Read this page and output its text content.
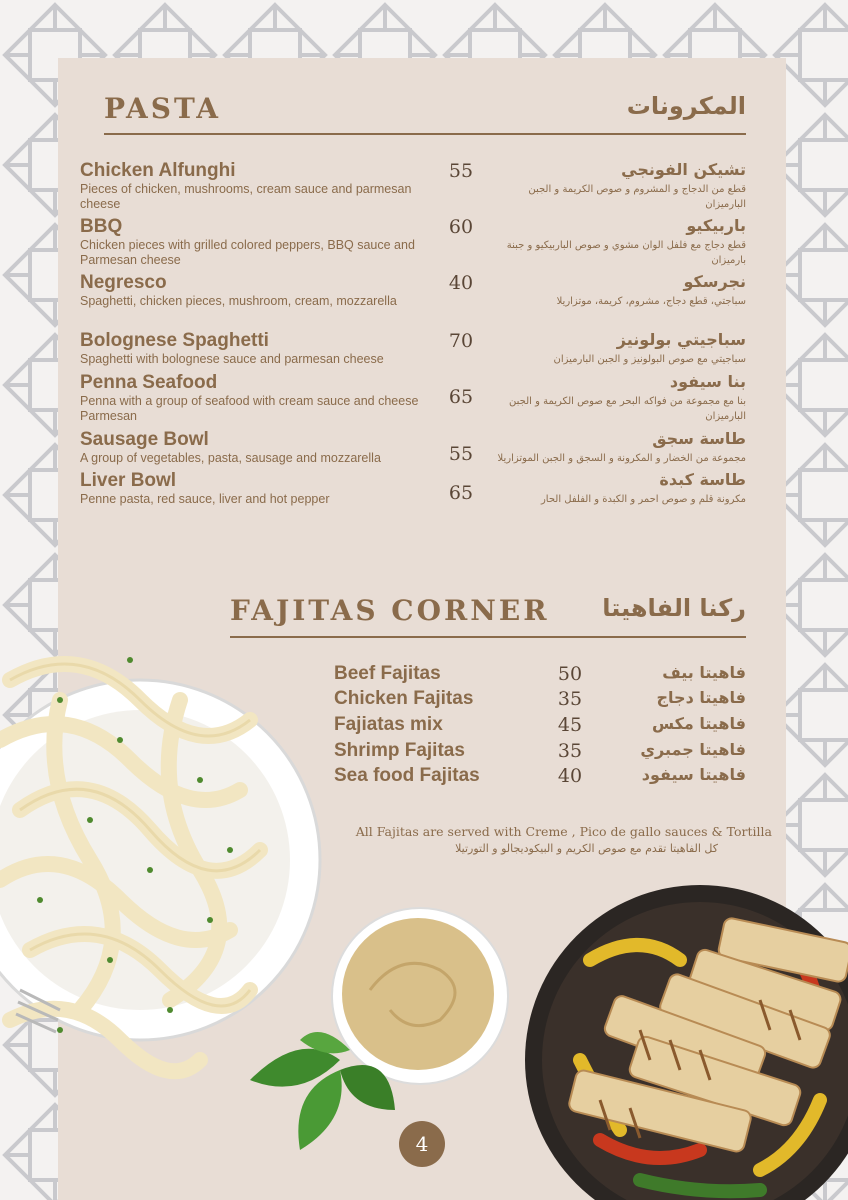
PASTA	المكرونات
Chicken Alfunghi
Pieces of chicken, mushrooms, cream sauce and parmesan cheese
55	تشيكن الفونجي
قطع من الدجاج و المشروم و صوص الكريمة و الجبن البارميزان
BBQ
Chicken pieces with grilled colored peppers, BBQ sauce and Parmesan cheese
60	باربيكيو
قطع دجاج مع فلفل الوان مشوي و صوص الباربيكيو و جبنة بارميزان
Negresco
Spaghetti, chicken pieces, mushroom, cream, mozzarella
40	نجرسكو
سباجتي، قطع دجاج، مشروم، كريمة، موتزاريلا
Bolognese Spaghetti
Spaghetti with bolognese sauce and parmesan cheese
70	سباجيتي بولونيز
سباجيتي مع صوص البولونيز و الجبن البارميزان
Penna Seafood
Penna with a group of seafood with cream sauce and cheese Parmesan
65
بنا سيفود
بنا مع مجموعة من فواكه البحر مع صوص الكريمة و الجبن البارميزان
Sausage Bowl
A group of vegetables, pasta, sausage and mozzarella	55
طاسة سجق
مجموعة من الخضار و المكرونة و السجق و الجبن الموتزاريلا
Liver Bowl
Penne pasta, red sauce, liver and hot pepper	65
طاسة كبدة
مكرونة قلم و صوص احمر و الكبدة و الفلفل الحار
FAJITAS CORNER	ركنا الفاهيتا
Beef Fajitas	50	فاهيتا بيف
Chicken Fajitas	35	فاهيتا دجاج
Fajiatas mix	45	فاهيتا مكس
Shrimp Fajitas	35	فاهيتا جمبري
Sea food Fajitas	40	فاهيتا سيفود
All Fajitas are served with Creme , Pico de gallo sauces & Tortilla
كل الفاهيتا تقدم مع صوص الكريم و البيكوديجالو و التورتيلا
4
